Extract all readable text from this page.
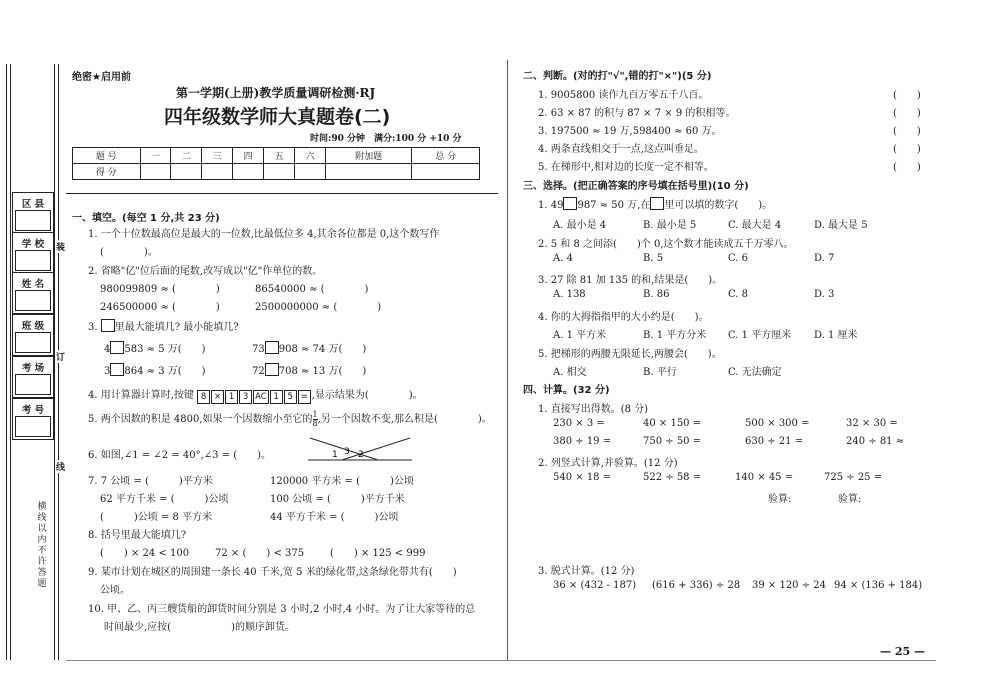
区 县
学 校
姓 名
班 级
考 场
考 号
装
订
线
横线以内不许答题
绝密★启用前
第一学期(上册)教学质量调研检测·RJ
四年级数学师大真题卷(二)
时间:90 分钟　满分:100 分 +10 分
题 号	一	二	三	四	五	六	附加题	总 分
得 分								
一、填空。(每空 1 分,共 23 分)
1. 一个十位数最高位是最大的一位数,比最低位多 4,其余各位都是 0,这个数写作
(　　　　)。
2. 省略"亿"位后面的尾数,改写成以"亿"作单位的数。
980099809 ≈ (　　　　)	86540000 ≈ (　　　　)
246500000 ≈ (　　　　)	2500000000 ≈ (　　　　)
3. 里最大能填几? 最小能填几?
4 583 ≈ 5 万(　　)	73 908 ≈ 74 万(　　)
3 864 ≈ 3 万(　　)	72 708 ≈ 13 万(　　)
4. 用计算器计算时,按键 8 × 1 3 AC 1 5 = ,显示结果为(　　　　)。
5. 两个因数的积是 4800,如果一个因数缩小至它的 $\frac{1}{8}$ ,另一个因数不变,那么积是(　　　　)。
6. 如图,∠1 = ∠2 = 40°,∠3 = (　　)。	1 3 2
7. 7 公顷 = (　　　)平方米	120000 平方米 = (　　　)公顷
62 平方千米 = (　　　)公顷	100 公顷 = (　　　)平方千米
(　　　)公顷 = 8 平方米	44 平方千米 = (　　　)公顷
8. 括号里最大能填几?
(　　) × 24 < 100	72 × (　　) < 375	(　　) × 125 < 999
9. 某市计划在城区的周围建一条长 40 千米,宽 5 米的绿化带,这条绿化带共有(　　)
公顷。
10. 甲、乙、丙三艘货船的卸货时间分别是 3 小时,2 小时,4 小时。为了让大家等待的总
时间最少,应按(　　　　　　)的顺序卸货。
二、判断。(对的打"√",错的打"×")(5 分)
1. 9005800 读作九百万零五千八百。
2. 63 × 87 的积与 87 × 7 × 9 的积相等。
3. 197500 ≈ 19 万,598400 ≈ 60 万。
4. 两条直线相交于一点,这点叫垂足。
5. 在梯形中,相对边的长度一定不相等。
(　　)
(　　)
(　　)
(　　)
(　　)
三、选择。(把正确答案的序号填在括号里)(10 分)
1. 49 987 ≈ 50 万,在 里可以填的数字(　　)。
A. 最小是 4	B. 最小是 5	C. 最大是 4	D. 最大是 5
2. 5 和 8 之间添(　　)个 0,这个数才能读成五千万零八。
A. 4	B. 5	C. 6	D. 7
3. 27 除 81 加 135 的和,结果是(　　)。
A. 138	B. 86	C. 8	D. 3
4. 你的大拇指指甲的大小约是(　　)。
A. 1 平方米	B. 1 平方分米 C. 1 平方厘米 D. 1 厘米
5. 把梯形的两腰无限延长,两腰会(　　)。
A. 相交	B. 平行	C. 无法确定
四、计算。(32 分)
1. 直接写出得数。(8 分)
230 × 3 =	40 × 150 =	500 × 300 =	32 × 30 =
380 ÷ 19 =	750 ÷ 50 =	630 ÷ 21 =	240 ÷ 81 ≈
2. 列竖式计算,并验算。(12 分)
540 × 18 =	522 ÷ 58 =	140 × 45 =	725 ÷ 25 =
验算:	验算:
3. 脱式计算。(12 分)
36 × (432 - 187) (616 + 336) ÷ 28 39 × 120 ÷ 24 94 × (136 + 184)
— 25 —
